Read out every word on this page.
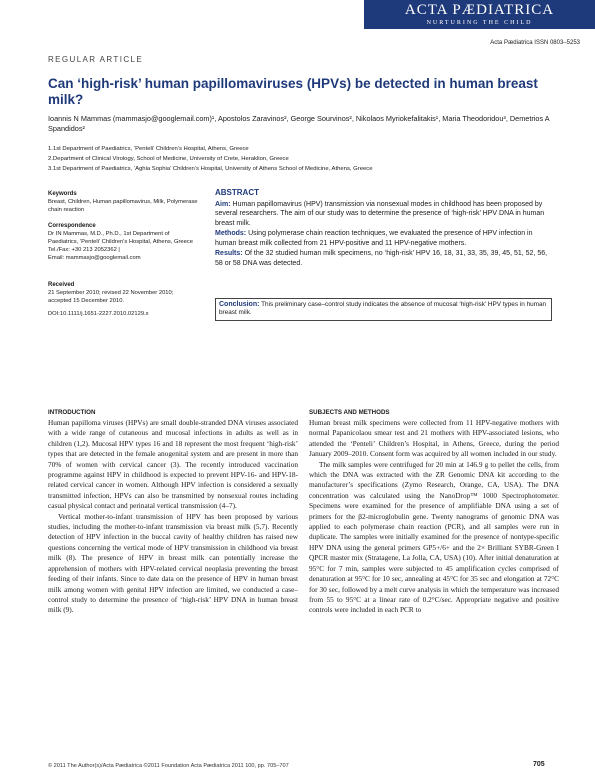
ACTA PÆDIATRICA
NURTURING THE CHILD
Acta Pædiatrica ISSN 0803–5253
REGULAR ARTICLE
Can ‘high-risk’ human papillomaviruses (HPVs) be detected in human breast milk?
Ioannis N Mammas (mammasjo@googlemail.com)¹, Apostolos Zaravinos², George Sourvinos², Nikolaos Myriokefalitakis¹, Maria Theodoridou³, Demetrios A Spandidos²
1.1st Department of Paediatrics, ‘Penteli’ Children’s Hospital, Athens, Greece
2.Department of Clinical Virology, School of Medicine, University of Crete, Heraklion, Greece
3.1st Department of Paediatrics, ‘Aghia Sophia’ Children’s Hospital, University of Athens School of Medicine, Athens, Greece
Keywords
Breast, Children, Human papillomavirus, Milk, Polymerase chain reaction
Correspondence
Dr IN Mammas, M.D., Ph.D., 1st Department of Paediatrics, ‘Penteli’ Children’s Hospital, Athens, Greece
Tel./Fax: +30 213 2052362 |
Email: mammasjo@googlemail.com
Received
21 September 2010; revised 22 November 2010; accepted 15 December 2010.
DOI:10.1111/j.1651-2227.2010.02129.x
ABSTRACT

Aim: Human papillomavirus (HPV) transmission via nonsexual modes in childhood has been proposed by several researchers. The aim of our study was to determine the presence of ‘high-risk’ HPV DNA in human breast milk.

Methods: Using polymerase chain reaction techniques, we evaluated the presence of HPV infection in human breast milk collected from 21 HPV-positive and 11 HPV-negative mothers.

Results: Of the 32 studied human milk specimens, no ‘high-risk’ HPV 16, 18, 31, 33, 35, 39, 45, 51, 52, 56, 58 or 58 DNA was detected.

Conclusion: This preliminary case–control study indicates the absence of mucosal ‘high-risk’ HPV types in human breast milk.
INTRODUCTION

Human papilloma viruses (HPVs) are small double-stranded DNA viruses associated with a wide range of cutaneous and mucosal infections in adults as well as in children (1,2). Mucosal HPV types 16 and 18 represent the most frequent ‘high-risk’ types that are detected in the female anogenital system and are present in more than 70% of women with cervical cancer (3). The recently introduced vaccination programme against HPV in childhood is expected to prevent HPV-16- and HPV-18-related cervical cancer in women. Although HPV infection is considered a sexually transmitted infection, HPVs can also be transmitted by nonsexual routes including casual physical contact and perinatal vertical transmission (4–7).

Vertical mother-to-infant transmission of HPV has been proposed by various studies, including the mother-to-infant transmission via breast milk (5,7). Recently detection of HPV infection in the buccal cavity of healthy children has raised new questions concerning the vertical mode of HPV transmission in childhood via breast milk (8). The presence of HPV in breast milk can potentially increase the apprehension of mothers with HPV-related cervical neoplasia preventing the breast feeding of their infants. Since to date data on the presence of HPV in human breast milk among women with genital HPV infection are limited, we conducted a case–control study to determine the presence of ‘high-risk’ HPV DNA in human breast milk (9).

SUBJECTS AND METHODS

Human breast milk specimens were collected from 11 HPV-negative mothers with normal Papanicolaou smear test and 21 mothers with HPV-associated lesions, who attended the ‘Penteli’ Children’s Hospital, in Athens, Greece, during the period January 2009–2010. Consent form was acquired by all women included in our study.

The milk samples were centrifuged for 20 min at 146.9 g to pellet the cells, from which the DNA was extracted with the ZR Genomic DNA kit according to the manufacturer’s specifications (Zymo Research, Orange, CA, USA). The DNA concentration was calculated using the NanoDrop™ 1000 Spectrophotometer. Specimens were examined for the presence of amplifiable DNA using a set of primers for the β2-microglobulin gene. Twenty nanograms of genomic DNA was applied to each polymerase chain reaction (PCR), and all samples were run in duplicate. The samples were initially examined for the presence of nontype-specific HPV DNA using the general primers GP5+/6+ and the 2× Brilliant SYBR-Green I QPCR master mix (Stratagene, La Jolla, CA, USA) (10). After initial denaturation at 95°C for 7 min, samples were subjected to 45 amplification cycles comprised of denaturation at 95°C for 10 sec, annealing at 45°C for 35 sec and elongation at 72°C for 30 sec, followed by a melt curve analysis in which the temperature was increased from 55 to 95°C at a linear rate of 0.2°C/sec. Appropriate negative and positive controls were included in each PCR to

© 2011 The Author(s)/Acta Pædiatrica ©2011 Foundation Acta Pædiatrica 2011 100, pp. 705–707	705
